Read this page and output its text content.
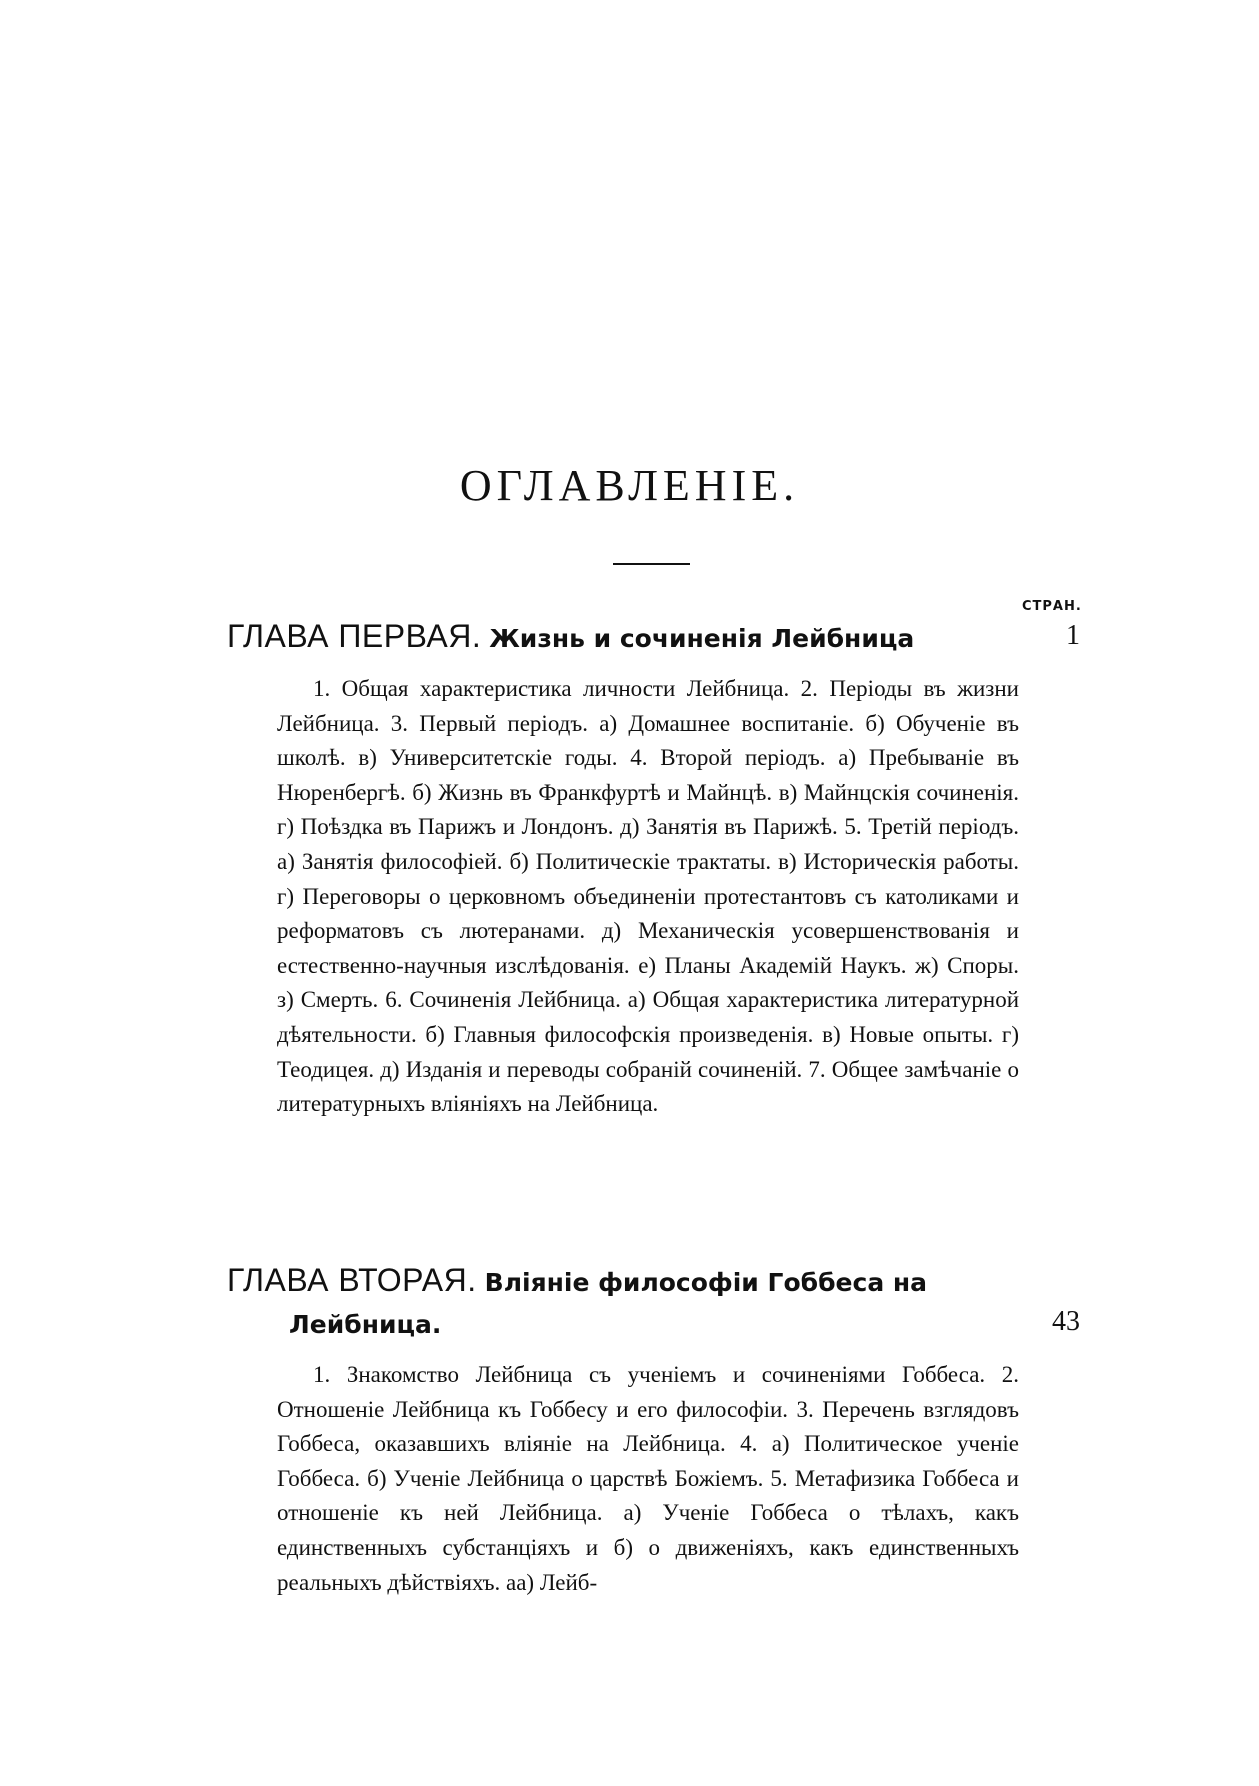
ОГЛАВЛЕНІЕ.
СТРАН.
ГЛАВА ПЕРВАЯ. Жизнь и сочиненія Лейбница	1
1. Общая характеристика личности Лейбница. 2. Періоды въ жизни Лейбница. 3. Первый періодъ. а) Домашнее воспитаніе. б) Обученіе въ школѣ. в) Университетскіе годы. 4. Второй періодъ. а) Пребываніе въ Нюренбергѣ. б) Жизнь въ Франкфуртѣ и Майнцѣ. в) Майнцскія сочиненія. г) Поѣздка въ Парижъ и Лондонъ. д) Занятія въ Парижѣ. 5. Третій періодъ. а) Занятія философіей. б) Политическіе трактаты. в) Историческія работы. г) Переговоры о церковномъ объединеніи протестантовъ съ католиками и реформатовъ съ лютеранами. д) Механическія усовершенствованія и естественно-научныя изслѣдованія. е) Планы Академій Наукъ. ж) Споры. з) Смерть. 6. Сочиненія Лейбница. а) Общая характеристика литературной дѣятельности. б) Главныя философскія произведенія. в) Новые опыты. г) Теодицея. д) Изданія и переводы собраній сочиненій. 7. Общее замѣчаніе о литературныхъ вліяніяхъ на Лейбница.
ГЛАВА ВТОРАЯ. Вліяніе философіи Гоббеса на
Лейбница.	43
1. Знакомство Лейбница съ ученіемъ и сочиненіями Гоббеса. 2. Отношеніе Лейбница къ Гоббесу и его философіи. 3. Перечень взглядовъ Гоббеса, оказавшихъ вліяніе на Лейбница. 4. а) Политическое ученіе Гоббеса. б) Ученіе Лейбница о царствѣ Божіемъ. 5. Метафизика Гоббеса и отношеніе къ ней Лейбница. а) Ученіе Гоббеса о тѣлахъ, какъ единственныхъ субстанціяхъ и б) о движеніяхъ, какъ единственныхъ реальныхъ дѣйствіяхъ. аа) Лейб-
